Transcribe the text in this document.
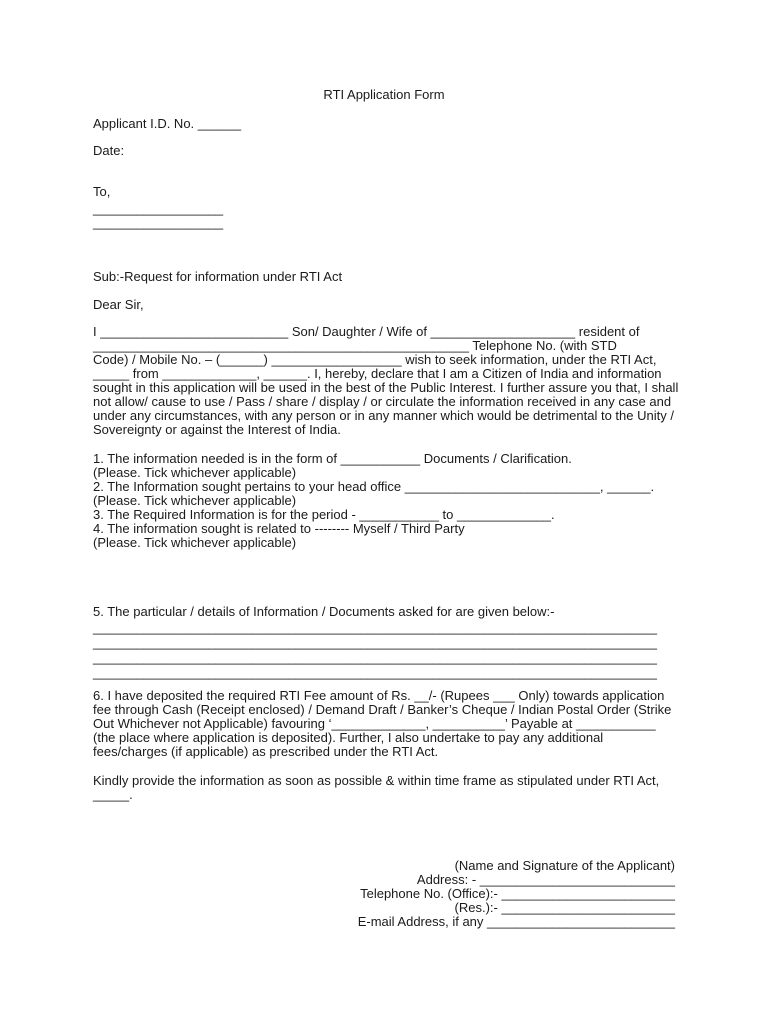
RTI Application Form
Applicant I.D. No. ______
Date:
To,
__________________
__________________
Sub:-Request for information under RTI Act
Dear Sir,
I __________________________ Son/ Daughter / Wife of ____________________ resident of
____________________________________________________ Telephone No. (with STD
Code) / Mobile No. – (______) __________________ wish to seek information, under the RTI Act,
_____ from _____________, ______. I, hereby, declare that I am a Citizen of India and information
sought in this application will be used in the best of the Public Interest. I further assure you that, I shall
not allow/ cause to use / Pass / share / display / or circulate the information received in any case and
under any circumstances, with any person or in any manner which would be detrimental to the Unity /
Sovereignty or against the Interest of India.
1. The information needed is in the form of ___________ Documents / Clarification.
(Please. Tick whichever applicable)
2. The Information sought pertains to your head office ___________________________, ______.
(Please. Tick whichever applicable)
3. The Required Information is for the period - ___________ to _____________.
4. The information sought is related to -------- Myself / Third Party
(Please. Tick whichever applicable)
5. The particular / details of Information / Documents asked for are given below:-
______________________________________________________________________________
______________________________________________________________________________
______________________________________________________________________________
______________________________________________________________________________
6. I have deposited the required RTI Fee amount of Rs. __/- (Rupees ___ Only) towards application
fee through Cash (Receipt enclosed) / Demand Draft / Banker’s Cheque / Indian Postal Order (Strike
Out Whichever not Applicable) favouring ‘_____________, __________’ Payable at ___________
(the place where application is deposited). Further, I also undertake to pay any additional
fees/charges (if applicable) as prescribed under the RTI Act.
Kindly provide the information as soon as possible & within time frame as stipulated under RTI Act,
_____.
(Name and Signature of the Applicant)
Address: - ___________________________
Telephone No. (Office):- ________________________
(Res.):- ________________________
E-mail Address, if any __________________________
